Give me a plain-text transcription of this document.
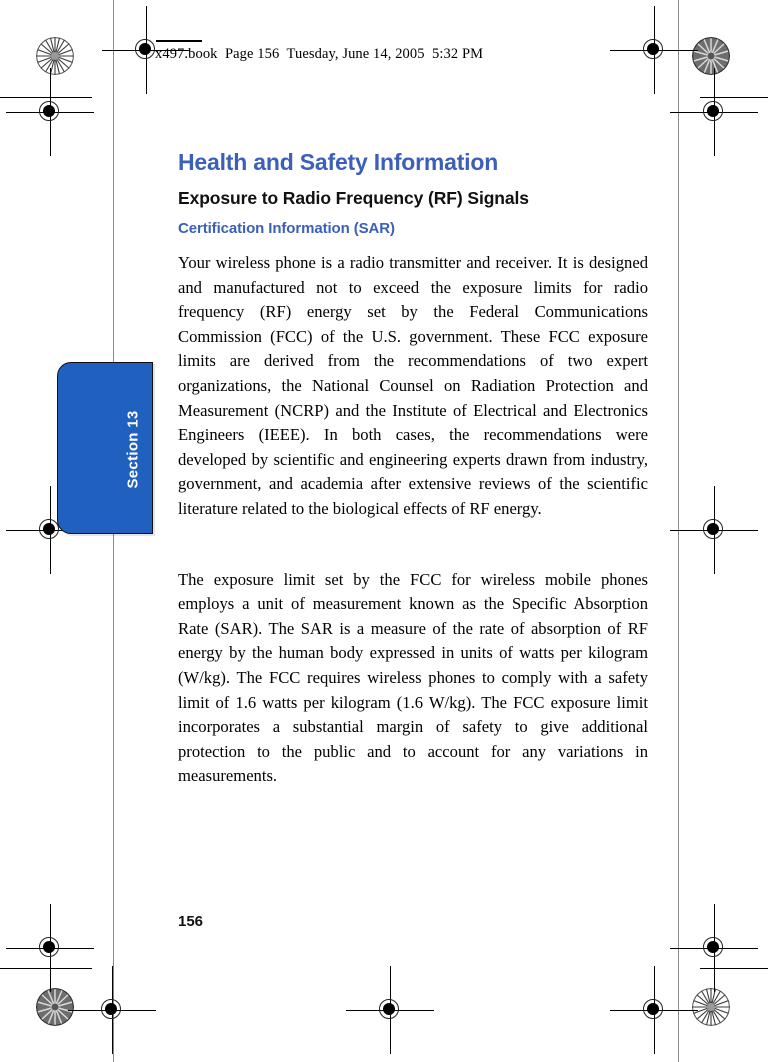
x497.book  Page 156  Tuesday, June 14, 2005  5:32 PM
Section 13
Health and Safety Information
Exposure to Radio Frequency (RF) Signals
Certification Information (SAR)

Your wireless phone is a radio transmitter and receiver. It is designed and manufactured not to exceed the exposure limits for radio frequency (RF) energy set by the Federal Communications Commission (FCC) of the U.S. government. These FCC exposure limits are derived from the recommendations of two expert organizations, the National Counsel on Radiation Protection and Measurement (NCRP) and the Institute of Electrical and Electronics Engineers (IEEE). In both cases, the recommendations were developed by scientific and engineering experts drawn from industry, government, and academia after extensive reviews of the scientific literature related to the biological effects of RF energy.

The exposure limit set by the FCC for wireless mobile phones employs a unit of measurement known as the Specific Absorption Rate (SAR). The SAR is a measure of the rate of absorption of RF energy by the human body expressed in units of watts per kilogram (W/kg). The FCC requires wireless phones to comply with a safety limit of 1.6 watts per kilogram (1.6 W/kg). The FCC exposure limit incorporates a substantial margin of safety to give additional protection to the public and to account for any variations in measurements.

156
